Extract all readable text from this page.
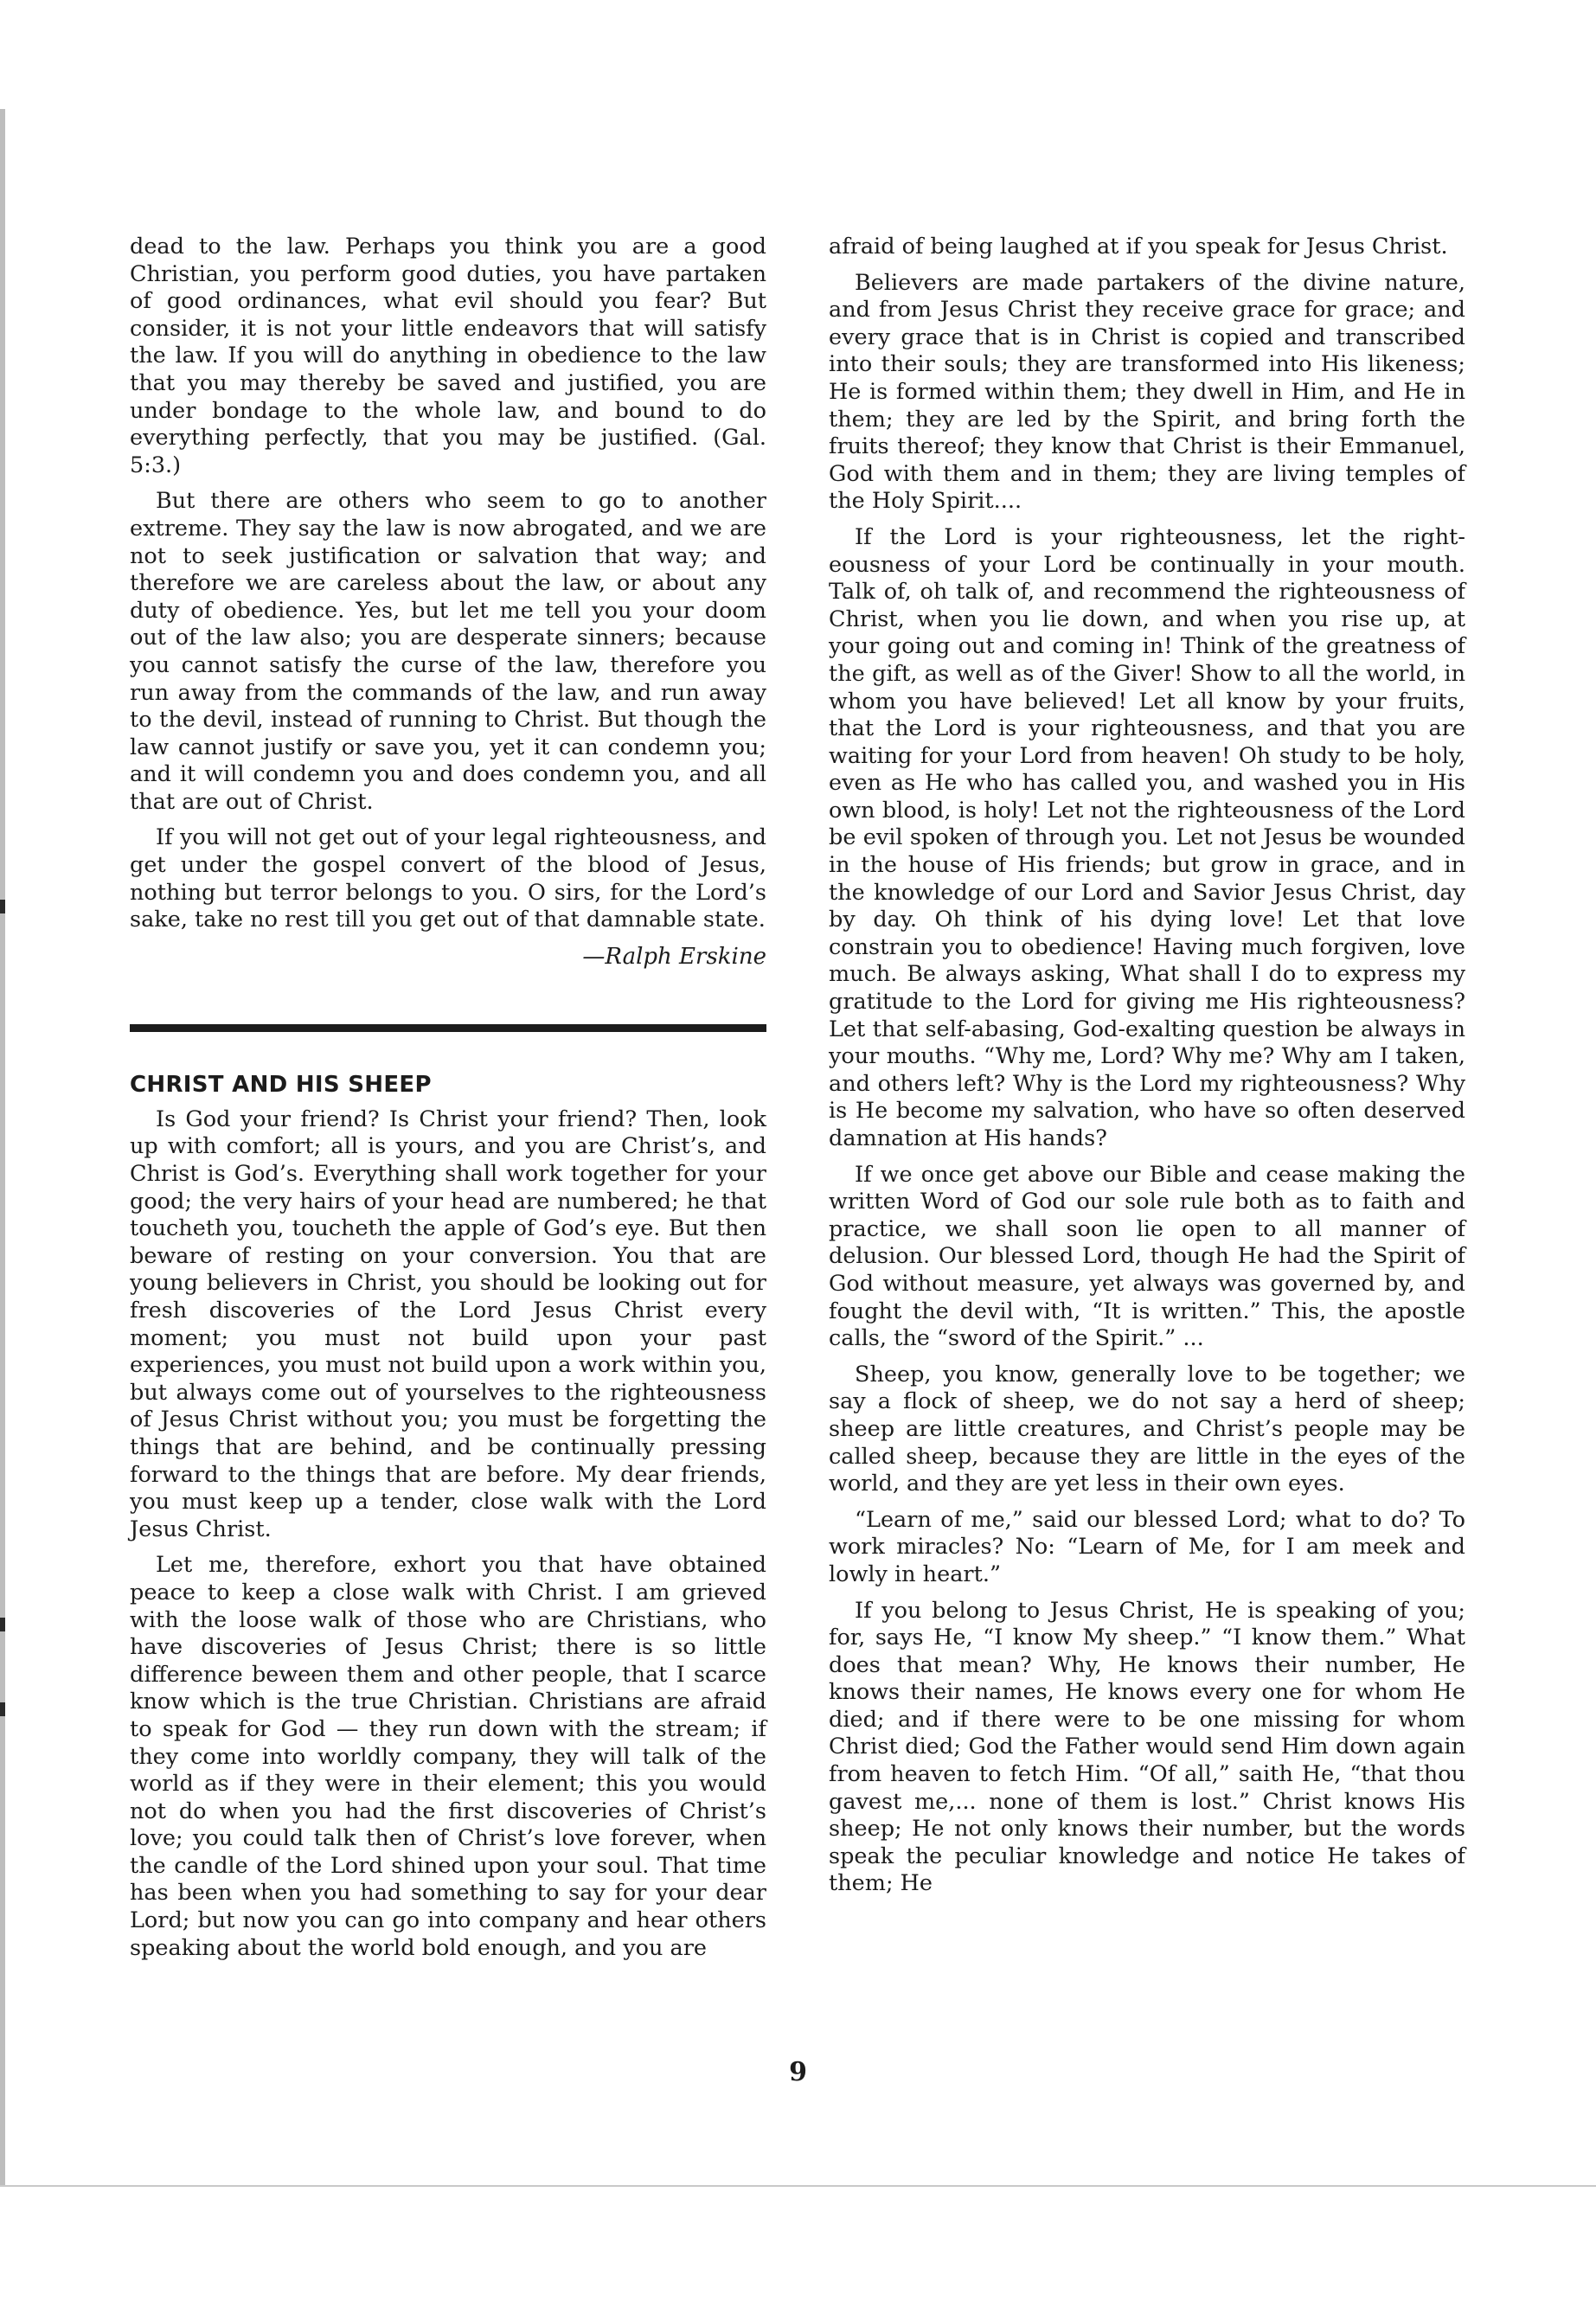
dead to the law. Perhaps you think you are a good Christian, you perform good duties, you have partaken of good ordinances, what evil should you fear? But consider, it is not your little endeavors that will satisfy the law. If you will do anything in obedience to the law that you may thereby be saved and justified, you are under bondage to the whole law, and bound to do everything perfectly, that you may be justified. (Gal. 5:3.)

But there are others who seem to go to another extreme. They say the law is now abrogated, and we are not to seek justification or salvation that way; and therefore we are careless about the law, or about any duty of obedience. Yes, but let me tell you your doom out of the law also; you are desperate sinners; because you cannot satisfy the curse of the law, therefore you run away from the commands of the law, and run away to the devil, instead of running to Christ. But though the law cannot justify or save you, yet it can condemn you; and it will condemn you and does condemn you, and all that are out of Christ.

If you will not get out of your legal righteousness, and get under the gospel convert of the blood of Jesus, nothing but terror belongs to you. O sirs, for the Lord’s sake, take no rest till you get out of that damnable state.

—Ralph Erskine
CHRIST AND HIS SHEEP

Is God your friend? Is Christ your friend? Then, look up with comfort; all is yours, and you are Christ’s, and Christ is God’s. Everything shall work together for your good; the very hairs of your head are numbered; he that toucheth you, toucheth the apple of God’s eye. But then beware of resting on your conversion. You that are young believers in Christ, you should be looking out for fresh discoveries of the Lord Jesus Christ every moment; you must not build upon your past experiences, you must not build upon a work within you, but always come out of yourselves to the righteousness of Jesus Christ without you; you must be forgetting the things that are behind, and be continually pressing forward to the things that are before. My dear friends, you must keep up a tender, close walk with the Lord Jesus Christ.

Let me, therefore, exhort you that have obtained peace to keep a close walk with Christ. I am grieved with the loose walk of those who are Christians, who have discoveries of Jesus Christ; there is so little difference beween them and other people, that I scarce know which is the true Christian. Christians are afraid to speak for God — they run down with the stream; if they come into worldly company, they will talk of the world as if they were in their element; this you would not do when you had the first discoveries of Christ’s love; you could talk then of Christ’s love forever, when the candle of the Lord shined upon your soul. That time has been when you had something to say for your dear Lord; but now you can go into company and hear others speaking about the world bold enough, and you are

afraid of being laughed at if you speak for Jesus Christ.

Believers are made partakers of the divine nature, and from Jesus Christ they receive grace for grace; and every grace that is in Christ is copied and transcribed into their souls; they are transformed into His likeness; He is formed within them; they dwell in Him, and He in them; they are led by the Spirit, and bring forth the fruits thereof; they know that Christ is their Emmanuel, God with them and in them; they are living temples of the Holy Spirit....

If the Lord is your righteousness, let the righteousness of your Lord be continually in your mouth. Talk of, oh talk of, and recommend the righteousness of Christ, when you lie down, and when you rise up, at your going out and coming in! Think of the greatness of the gift, as well as of the Giver! Show to all the world, in whom you have believed! Let all know by your fruits, that the Lord is your righteousness, and that you are waiting for your Lord from heaven! Oh study to be holy, even as He who has called you, and washed you in His own blood, is holy! Let not the righteousness of the Lord be evil spoken of through you. Let not Jesus be wounded in the house of His friends; but grow in grace, and in the knowledge of our Lord and Savior Jesus Christ, day by day. Oh think of his dying love! Let that love constrain you to obedience! Having much forgiven, love much. Be always asking, What shall I do to express my gratitude to the Lord for giving me His righteousness? Let that self-abasing, God-exalting question be always in your mouths. “Why me, Lord? Why me? Why am I taken, and others left? Why is the Lord my righteousness? Why is He become my salvation, who have so often deserved damnation at His hands?

If we once get above our Bible and cease making the written Word of God our sole rule both as to faith and practice, we shall soon lie open to all manner of delusion. Our blessed Lord, though He had the Spirit of God without measure, yet always was governed by, and fought the devil with, “It is written.” This, the apostle calls, the “sword of the Spirit.” ...

Sheep, you know, generally love to be together; we say a flock of sheep, we do not say a herd of sheep; sheep are little creatures, and Christ’s people may be called sheep, because they are little in the eyes of the world, and they are yet less in their own eyes.

“Learn of me,” said our blessed Lord; what to do? To work miracles? No: “Learn of Me, for I am meek and lowly in heart.”

If you belong to Jesus Christ, He is speaking of you; for, says He, “I know My sheep.” “I know them.” What does that mean? Why, He knows their number, He knows their names, He knows every one for whom He died; and if there were to be one missing for whom Christ died; God the Father would send Him down again from heaven to fetch Him. “Of all,” saith He, “that thou gavest me,... none of them is lost.” Christ knows His sheep; He not only knows their number, but the words speak the peculiar knowledge and notice He takes of them; He

9
